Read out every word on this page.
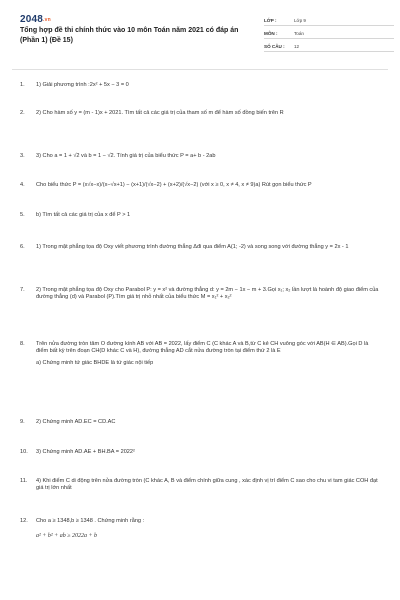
2048.vn
Tổng hợp đề thi chính thức vào 10 môn Toán năm 2021 có đáp án (Phần 1) (Đề 15)
LỚP :	Lớp 9
MÔN :	Toán
SỐ CÂU :	12
1.	1) Giải phương trình :2x² + 5x − 3 = 0
2.	2) Cho hàm số y = (m - 1)x + 2021. Tìm tất cả các giá trị của tham số m để hàm số đồng biến trên R
3.	3) Cho a = 1 + √2 và b = 1 − √2. Tính giá trị của biểu thức P = a+ b - 2ab
4.	Cho biểu thức P = (x√x−x)/(x−√x+1) − (x+1)/(√x−2) + (x+2)/(√x−2) (với x ≥ 0, x ≠ 4, x ≠ 9)a) Rút gọn biểu thức P
5.	b) Tìm tất cả các giá trị của x để P > 1
6.	1) Trong mặt phẳng tọa độ Oxy viết phương trình đường thẳng Δđi qua điểm A(1; -2) và song song với đường thẳng y = 2x - 1
7.	2) Trong mặt phẳng tọa độ Oxy cho Parabol P: y = x² và đường thẳng d: y = 2m − 1x − m + 3.Gọi x₁; x₂ lần lượt là hoành độ giao điểm của đường thẳng (d) và Parabol (P).Tìm giá trị nhỏ nhất của biểu thức M = x₁² + x₂²
8.	Trên nửa đường tròn tâm O đường kính AB với AB = 2022, lấy điểm C (C khác A và B,từ C kẻ CH vuông góc với AB(H ∈ AB).Gọi D là điểm bất kỳ trên đoạn CH(D khác C và H), đường thẳng AD cắt nửa đường tròn tại điểm thứ 2 là E
a) Chứng minh tứ giác BHDE là tứ giác nội tiếp
9.	2) Chứng minh AD.EC = CD.AC
10.	3) Chứng minh AD.AE + BH.BA = 2022²
11.	4) Khi điểm C di động trên nửa đường tròn (C khác A, B và điểm chính giữa cung , xác định vị trí điểm C sao cho chu vi tam giác COH đạt giá trị lớn nhất
12.	Cho a ≥ 1348,b ≥ 1348 . Chứng minh rằng :
a² + b² + ab ≥ 2022a + b
